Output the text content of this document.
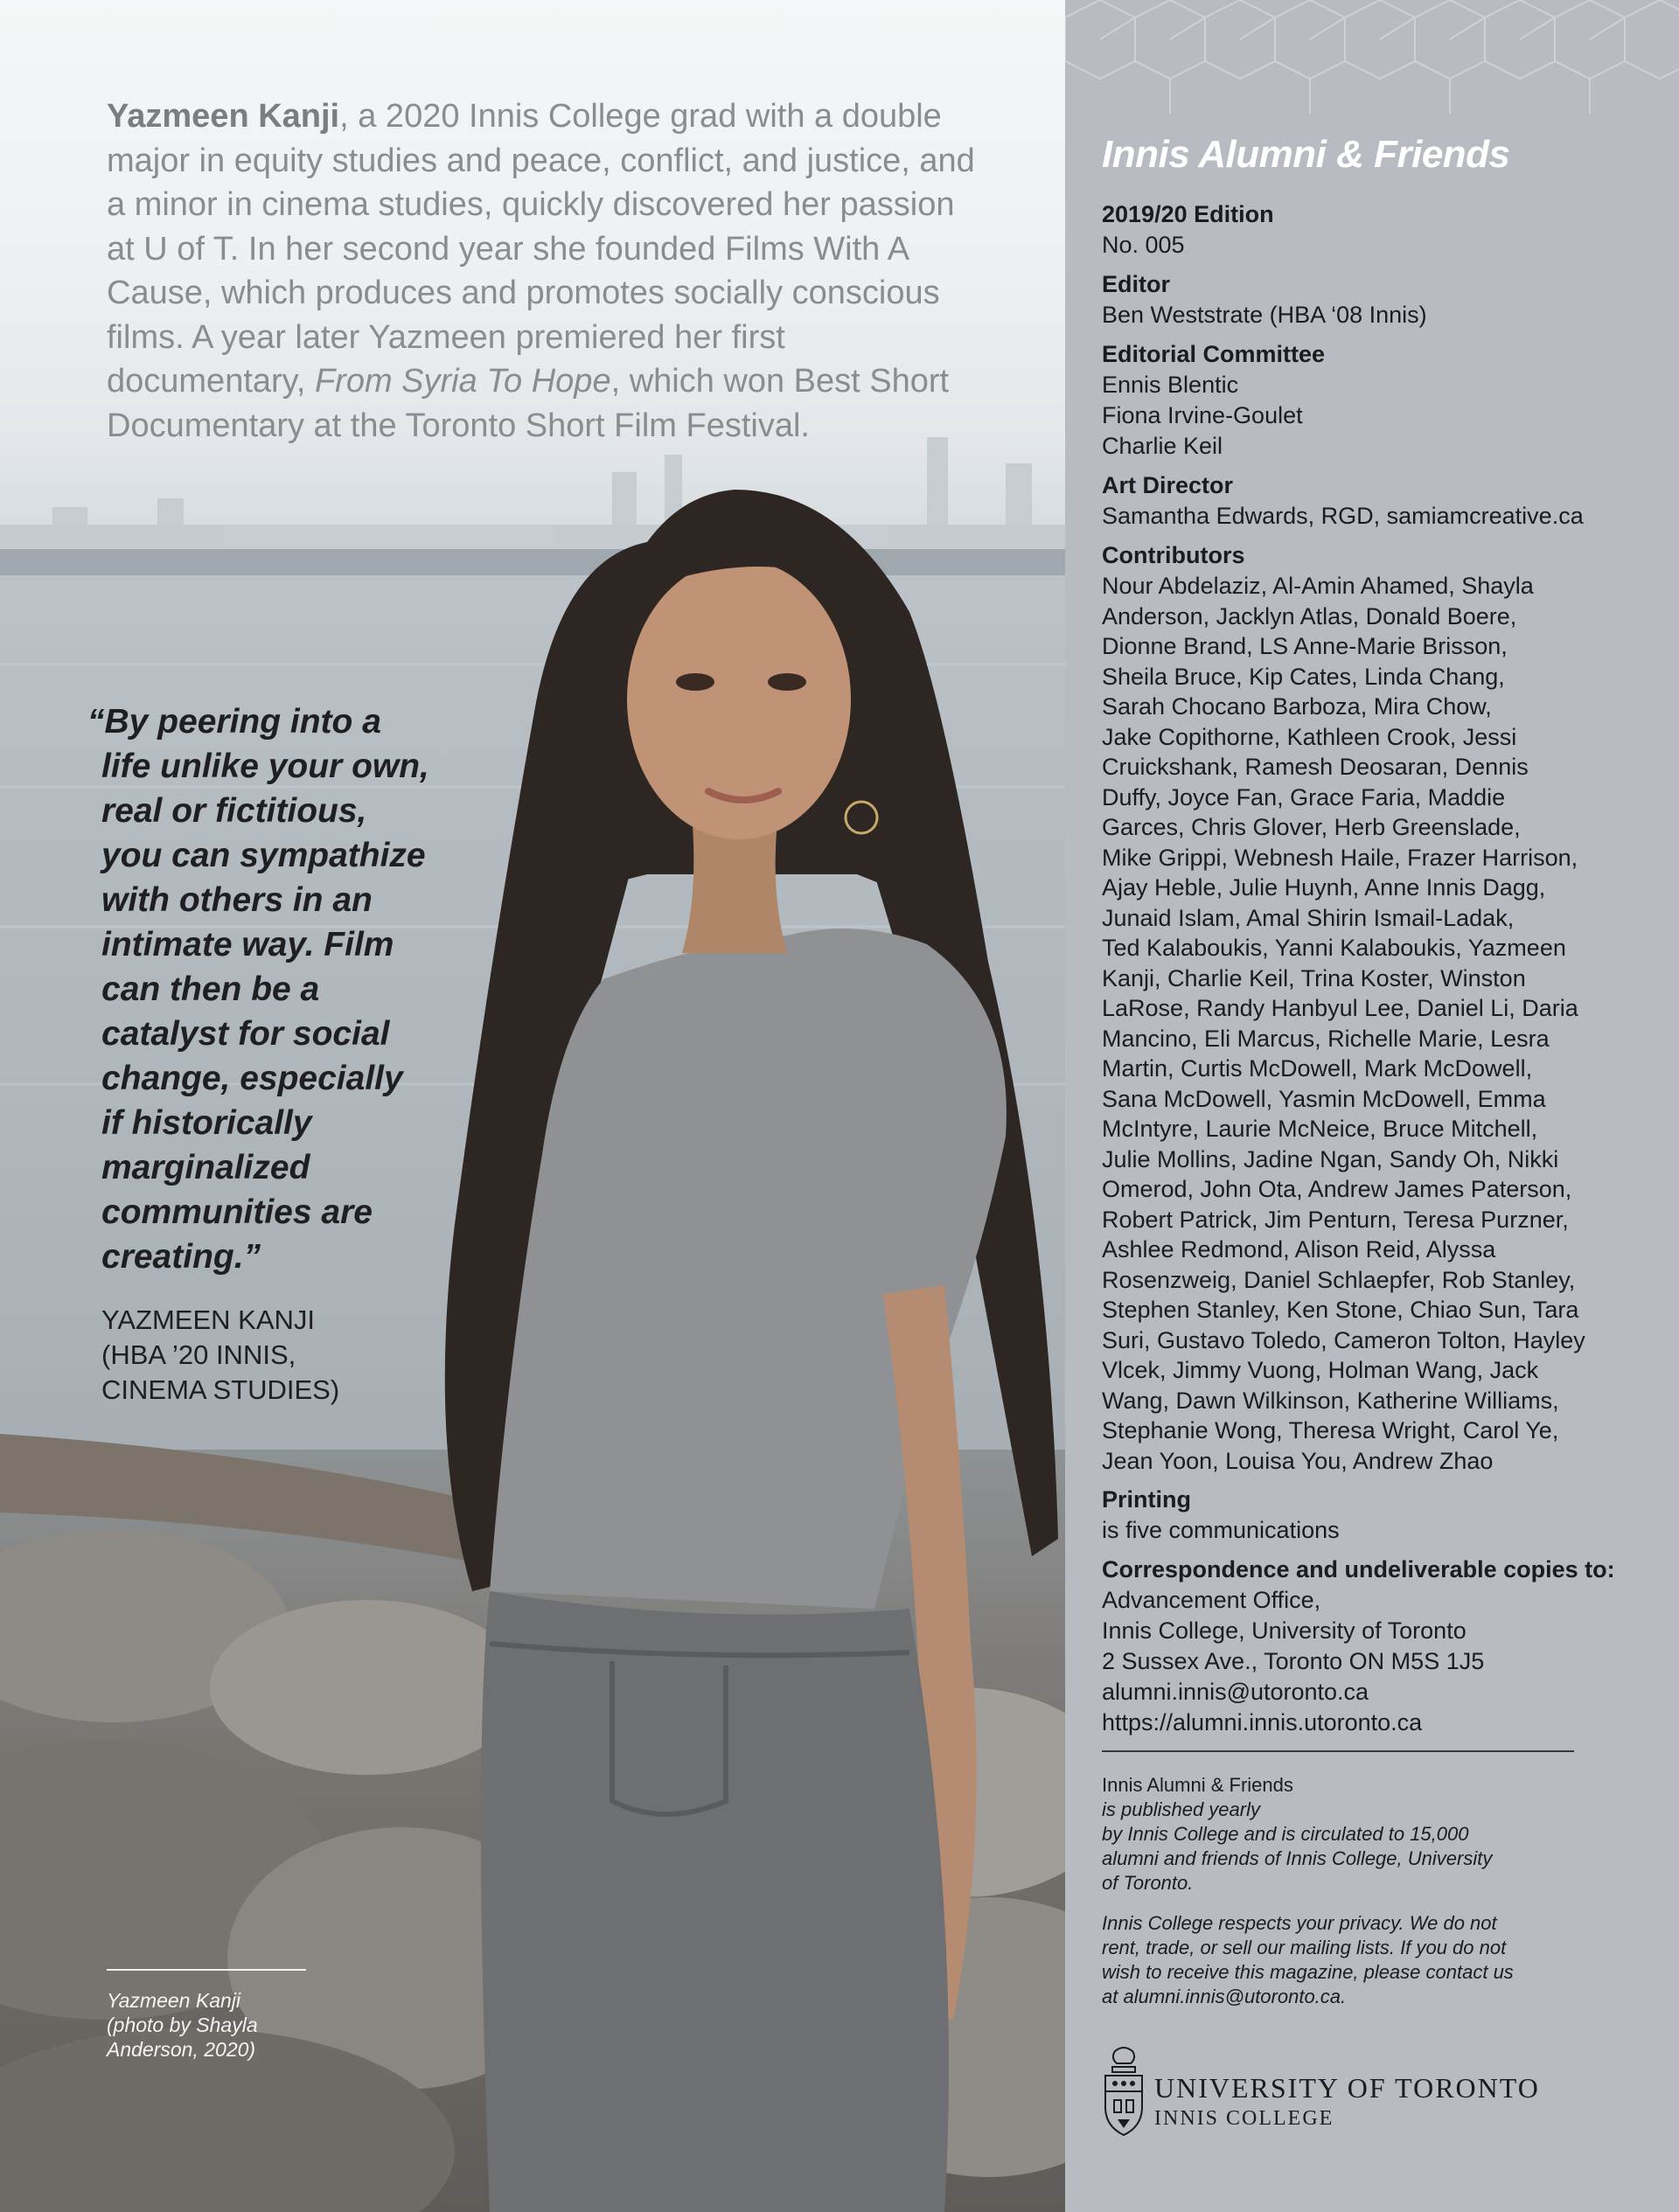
Yazmeen Kanji, a 2020 Innis College grad with a double major in equity studies and peace, conflict, and justice, and a minor in cinema studies, quickly discovered her passion at U of T. In her second year she founded Films With A Cause, which produces and promotes socially conscious films. A year later Yazmeen premiered her first documentary, From Syria To Hope, which won Best Short Documentary at the Toronto Short Film Festival.

“By peering into a
life unlike your own,
real or fictitious,
you can sympathize
with others in an
intimate way. Film
can then be a
catalyst for social
change, especially
if historically
marginalized
communities are
creating.”

YAZMEEN KANJI
(HBA ’20 INNIS,
CINEMA STUDIES)

Yazmeen Kanji
(photo by Shayla
Anderson, 2020)

Innis Alumni & Friends
2019/20 Edition
No. 005
Editor
Ben Weststrate (HBA ‘08 Innis)
Editorial Committee
Ennis Blentic
Fiona Irvine-Goulet
Charlie Keil
Art Director
Samantha Edwards, RGD, samiamcreative.ca
Contributors
Nour Abdelaziz, Al-Amin Ahamed, Shayla
Anderson, Jacklyn Atlas, Donald Boere,
Dionne Brand, LS Anne-Marie Brisson,
Sheila Bruce, Kip Cates, Linda Chang,
Sarah Chocano Barboza, Mira Chow,
Jake Copithorne, Kathleen Crook, Jessi
Cruickshank, Ramesh Deosaran, Dennis
Duffy, Joyce Fan, Grace Faria, Maddie
Garces, Chris Glover, Herb Greenslade,
Mike Grippi, Webnesh Haile, Frazer Harrison,
Ajay Heble, Julie Huynh, Anne Innis Dagg,
Junaid Islam, Amal Shirin Ismail-Ladak,
Ted Kalaboukis, Yanni Kalaboukis, Yazmeen
Kanji, Charlie Keil, Trina Koster, Winston
LaRose, Randy Hanbyul Lee, Daniel Li, Daria
Mancino, Eli Marcus, Richelle Marie, Lesra
Martin, Curtis McDowell, Mark McDowell,
Sana McDowell, Yasmin McDowell, Emma
McIntyre, Laurie McNeice, Bruce Mitchell,
Julie Mollins, Jadine Ngan, Sandy Oh, Nikki
Omerod, John Ota, Andrew James Paterson,
Robert Patrick, Jim Penturn, Teresa Purzner,
Ashlee Redmond, Alison Reid, Alyssa
Rosenzweig, Daniel Schlaepfer, Rob Stanley,
Stephen Stanley, Ken Stone, Chiao Sun, Tara
Suri, Gustavo Toledo, Cameron Tolton, Hayley
Vlcek, Jimmy Vuong, Holman Wang, Jack
Wang, Dawn Wilkinson, Katherine Williams,
Stephanie Wong, Theresa Wright, Carol Ye,
Jean Yoon, Louisa You, Andrew Zhao
Printing
is five communications
Correspondence and undeliverable copies to:
Advancement Office,
Innis College, University of Toronto
2 Sussex Ave., Toronto ON M5S 1J5
alumni.innis@utoronto.ca
https://alumni.innis.utoronto.ca

Innis Alumni & Friends
is published yearly
by Innis College and is circulated to 15,000
alumni and friends of Innis College, University
of Toronto.

Innis College respects your privacy. We do not
rent, trade, or sell our mailing lists. If you do not
wish to receive this magazine, please contact us
at alumni.innis@utoronto.ca.

UNIVERSITY OF TORONTO
INNIS COLLEGE
